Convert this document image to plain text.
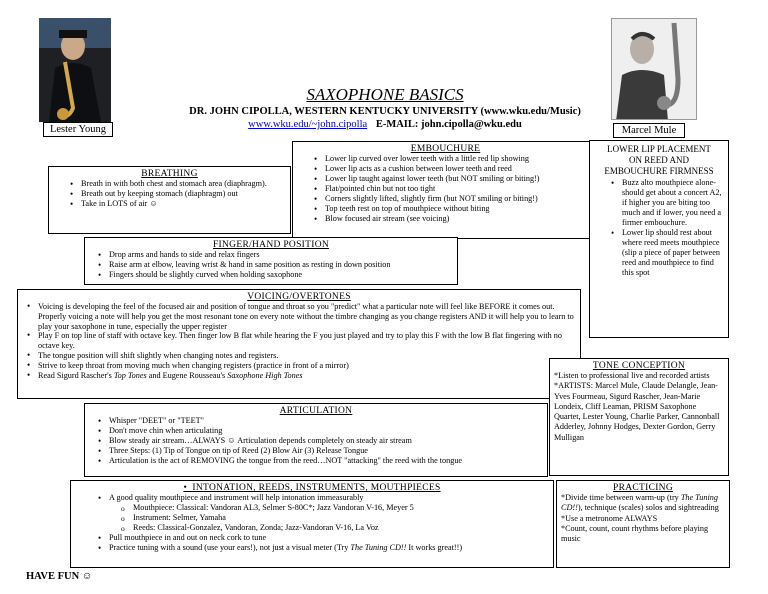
Lester Young	Marcel Mule
SAXOPHONE BASICS
DR. JOHN CIPOLLA, WESTERN KENTUCKY UNIVERSITY (www.wku.edu/Music)
www.wku.edu/~john.cipolla E-MAIL: john.cipolla@wku.edu
EMBOUCHURE
• Lower lip curved over lower teeth with a little red lip showing
• Lower lip acts as a cushion between lower teeth and reed
• Lower lip taught against lower teeth (but NOT smiling or biting!)
• Flat/pointed chin but not too tight
• Corners slightly lifted, slightly firm (but NOT smiling or biting!)
• Top teeth rest on top of mouthpiece without biting
• Blow focused air stream (see voicing)
BREATHING
• Breath in with both chest and stomach area (diaphragm).
• Breath out by keeping stomach (diaphragm) out
• Take in LOTS of air ☺
LOWER LIP PLACEMENT
ON REED AND
EMBOUCHURE FIRMNESS
• Buzz alto mouthpiece alone-should get about a concert A2, if higher you are biting too much and if lower, you need a firmer embouchure.
• Lower lip should rest about where reed meets mouthpiece (slip a piece of paper between reed and mouthpiece to find this spot
FINGER/HAND POSITION
• Drop arms and hands to side and relax fingers
• Raise arm at elbow, leaving wrist & hand in same position as resting in down position
• Fingers should be slightly curved when holding saxophone
VOICING/OVERTONES
• Voicing is developing the feel of the focused air and position of tongue and throat so you "predict" what a particular note will feel like BEFORE it comes out. Properly voicing a note will help you get the most resonant tone on every note without the timbre changing as you change registers AND it will help you to learn to play your saxophone in tune, especially the upper register
• Play F on top line of staff with octave key. Then finger low B flat while hearing the F you just played and try to play this F with the low B flat fingering with no octave key.
• The tongue position will shift slightly when changing notes and registers.
• Strive to keep throat from moving much when changing registers (practice in front of a mirror)
• Read Sigurd Rascher's Top Tones and Eugene Rousseau's Saxophone High Tones
TONE CONCEPTION
*Listen to professional live and recorded artists
*ARTISTS: Marcel Mule, Claude Delangle, Jean-Yves Fourmeau, Sigurd Rascher, Jean-Marie Londeix, Cliff Leaman, PRISM Saxophone Quartet, Lester Young, Charlie Parker, Cannonball Adderley, Johnny Hodges, Dexter Gordon, Gerry Mulligan
ARTICULATION
• Whisper "DEET" or "TEET"
• Don't move chin when articulating
• Blow steady air stream…ALWAYS ☺ Articulation depends completely on steady air stream
• Three Steps: (1) Tip of Tongue on tip of Reed (2) Blow Air (3) Release Tongue
• Articulation is the act of REMOVING the tongue from the reed…NOT "attacking" the reed with the tongue
•  INTONATION, REEDS, INSTRUMENTS, MOUTHPIECES
• A good quality mouthpiece and instrument will help intonation immeasurably
o Mouthpiece: Classical: Vandoran AL3, Selmer S-80C*; Jazz Vandoran V-16, Meyer 5
o Instrument: Selmer, Yamaha
o Reeds: Classical-Gonzalez, Vandoran, Zonda; Jazz-Vandoran V-16, La Voz
• Pull mouthpiece in and out on neck cork to tune
• Practice tuning with a sound (use your ears!), not just a visual meter (Try The Tuning CD!! It works great!!)
PRACTICING
*Divide time between warm-up (try The Tuning CD!!), technique (scales) solos and sightreading
*Use a metronome ALWAYS
*Count, count, count rhythms before playing music
HAVE FUN ☺
